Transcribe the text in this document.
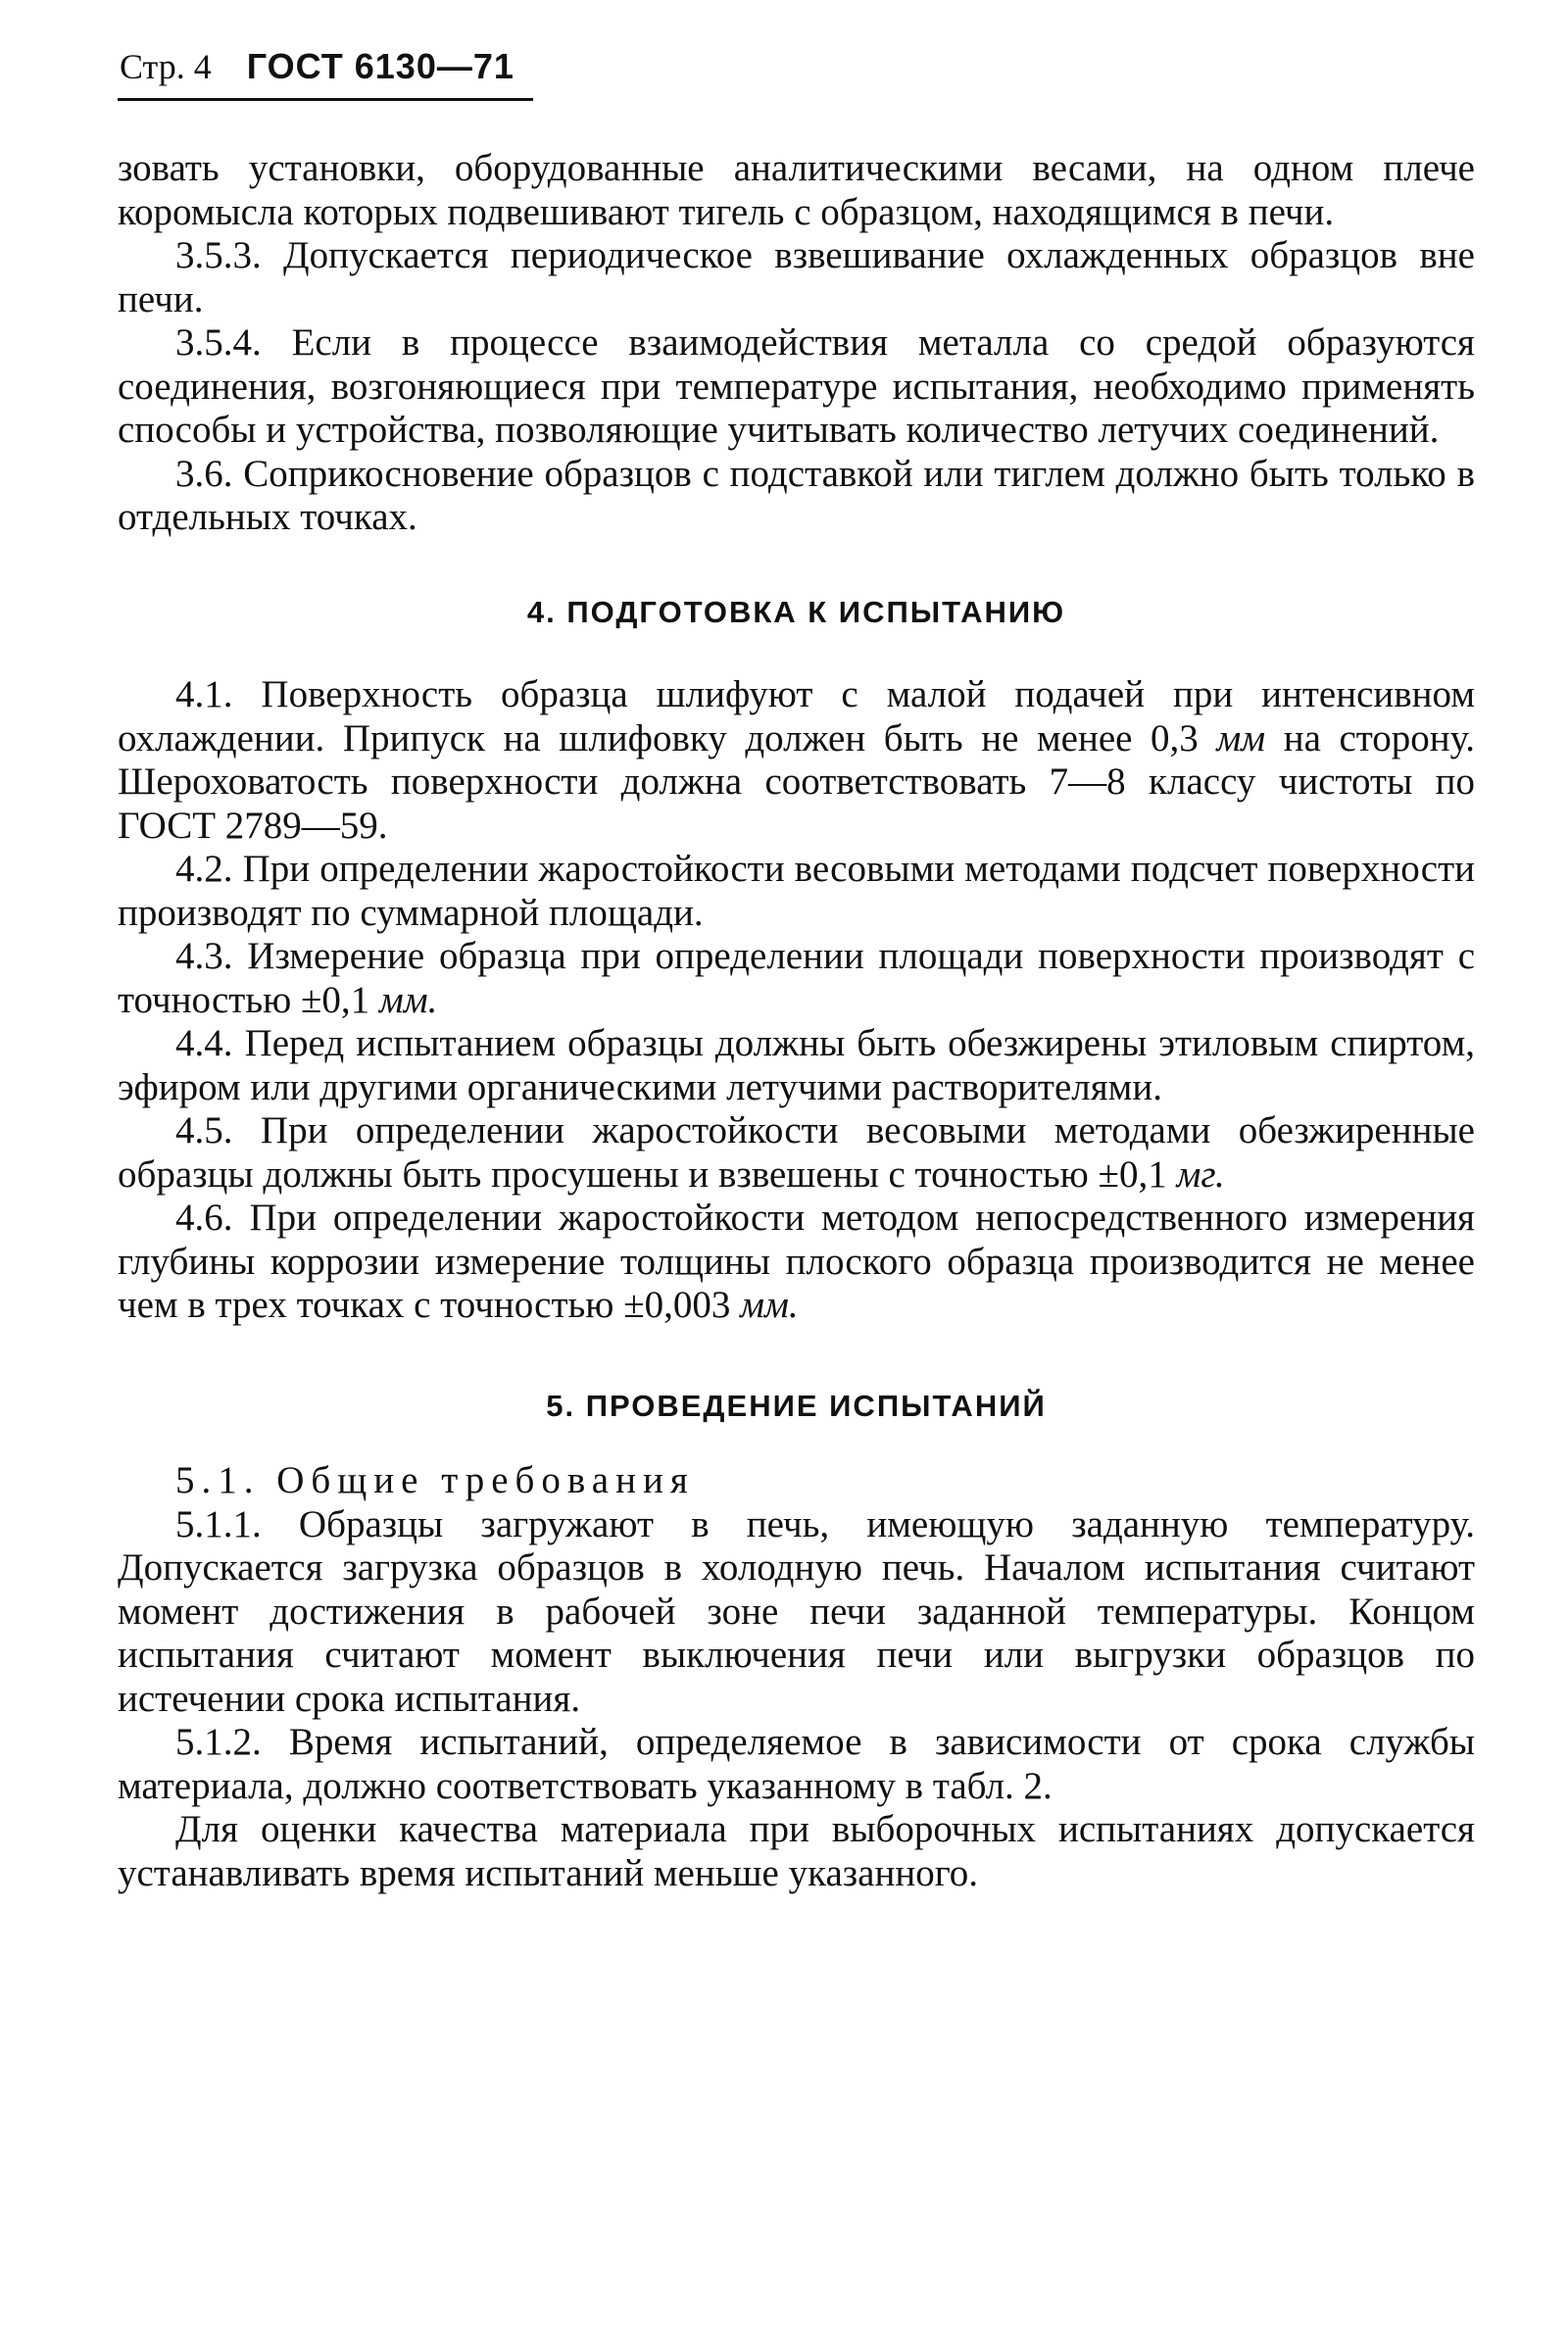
Стр. 4 ГОСТ 6130—71

зовать установки, оборудованные аналитическими весами, на одном плече коромысла которых подвешивают тигель с образцом, находящимся в печи.

3.5.3. Допускается периодическое взвешивание охлажденных образцов вне печи.

3.5.4. Если в процессе взаимодействия металла со средой образуются соединения, возгоняющиеся при температуре испытания, необходимо применять способы и устройства, позволяющие учитывать количество летучих соединений.

3.6. Соприкосновение образцов с подставкой или тиглем должно быть только в отдельных точках.

4. ПОДГОТОВКА К ИСПЫТАНИЮ

4.1. Поверхность образца шлифуют с малой подачей при интенсивном охлаждении. Припуск на шлифовку должен быть не менее 0,3 мм на сторону. Шероховатость поверхности должна соответствовать 7—8 классу чистоты по ГОСТ 2789—59.

4.2. При определении жаростойкости весовыми методами подсчет поверхности производят по суммарной площади.

4.3. Измерение образца при определении площади поверхности производят с точностью ±0,1 мм.

4.4. Перед испытанием образцы должны быть обезжирены этиловым спиртом, эфиром или другими органическими летучими растворителями.

4.5. При определении жаростойкости весовыми методами обезжиренные образцы должны быть просушены и взвешены с точностью ±0,1 мг.

4.6. При определении жаростойкости методом непосредственного измерения глубины коррозии измерение толщины плоского образца производится не менее чем в трех точках с точностью ±0,003 мм.

5. ПРОВЕДЕНИЕ ИСПЫТАНИЙ

5.1. Общие требования

5.1.1. Образцы загружают в печь, имеющую заданную температуру. Допускается загрузка образцов в холодную печь. Началом испытания считают момент достижения в рабочей зоне печи заданной температуры. Концом испытания считают момент выключения печи или выгрузки образцов по истечении срока испытания.

5.1.2. Время испытаний, определяемое в зависимости от срока службы материала, должно соответствовать указанному в табл. 2.

Для оценки качества материала при выборочных испытаниях допускается устанавливать время испытаний меньше указанного.
